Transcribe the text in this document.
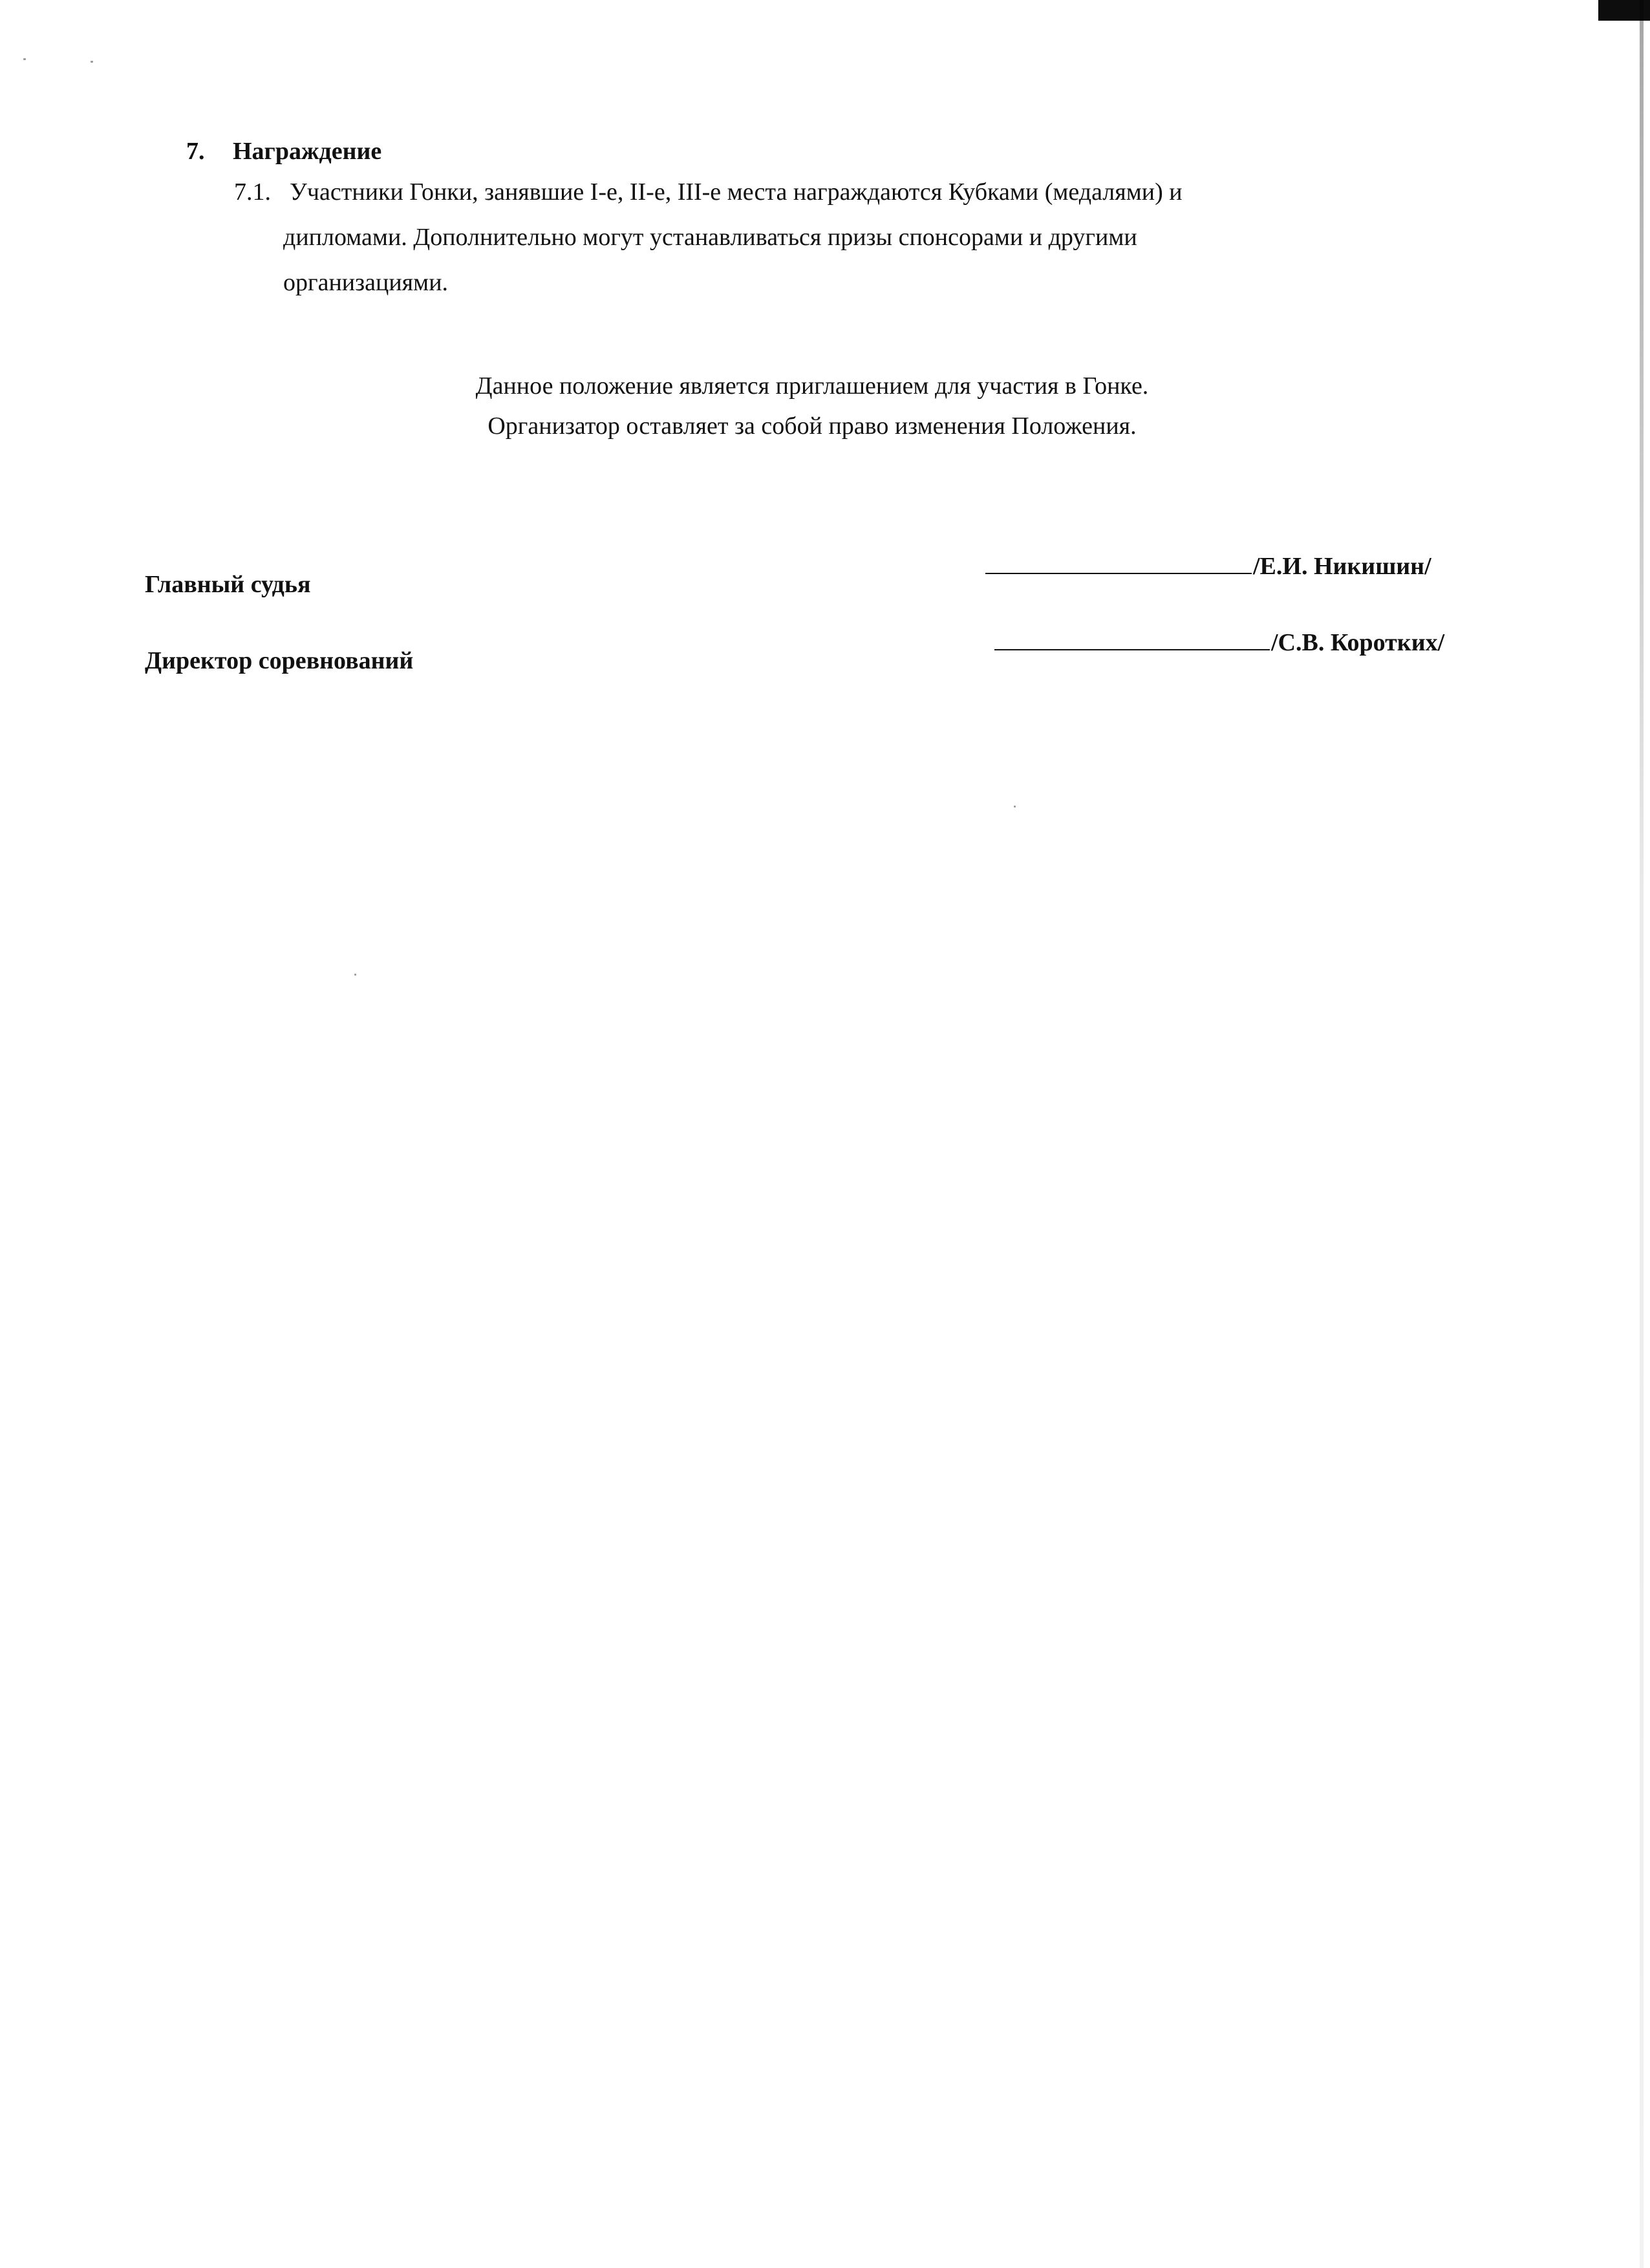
7. Награждение
7.1. Участники Гонки, занявшие I-е, II-е, III-е места награждаются Кубками (медалями) и
дипломами. Дополнительно могут устанавливаться призы спонсорами и другими
организациями.
Данное положение является приглашением для участия в Гонке.
Организатор оставляет за собой право изменения Положения.
Главный судья
/Е.И. Никишин/
Директор соревнований
/С.В. Коротких/
